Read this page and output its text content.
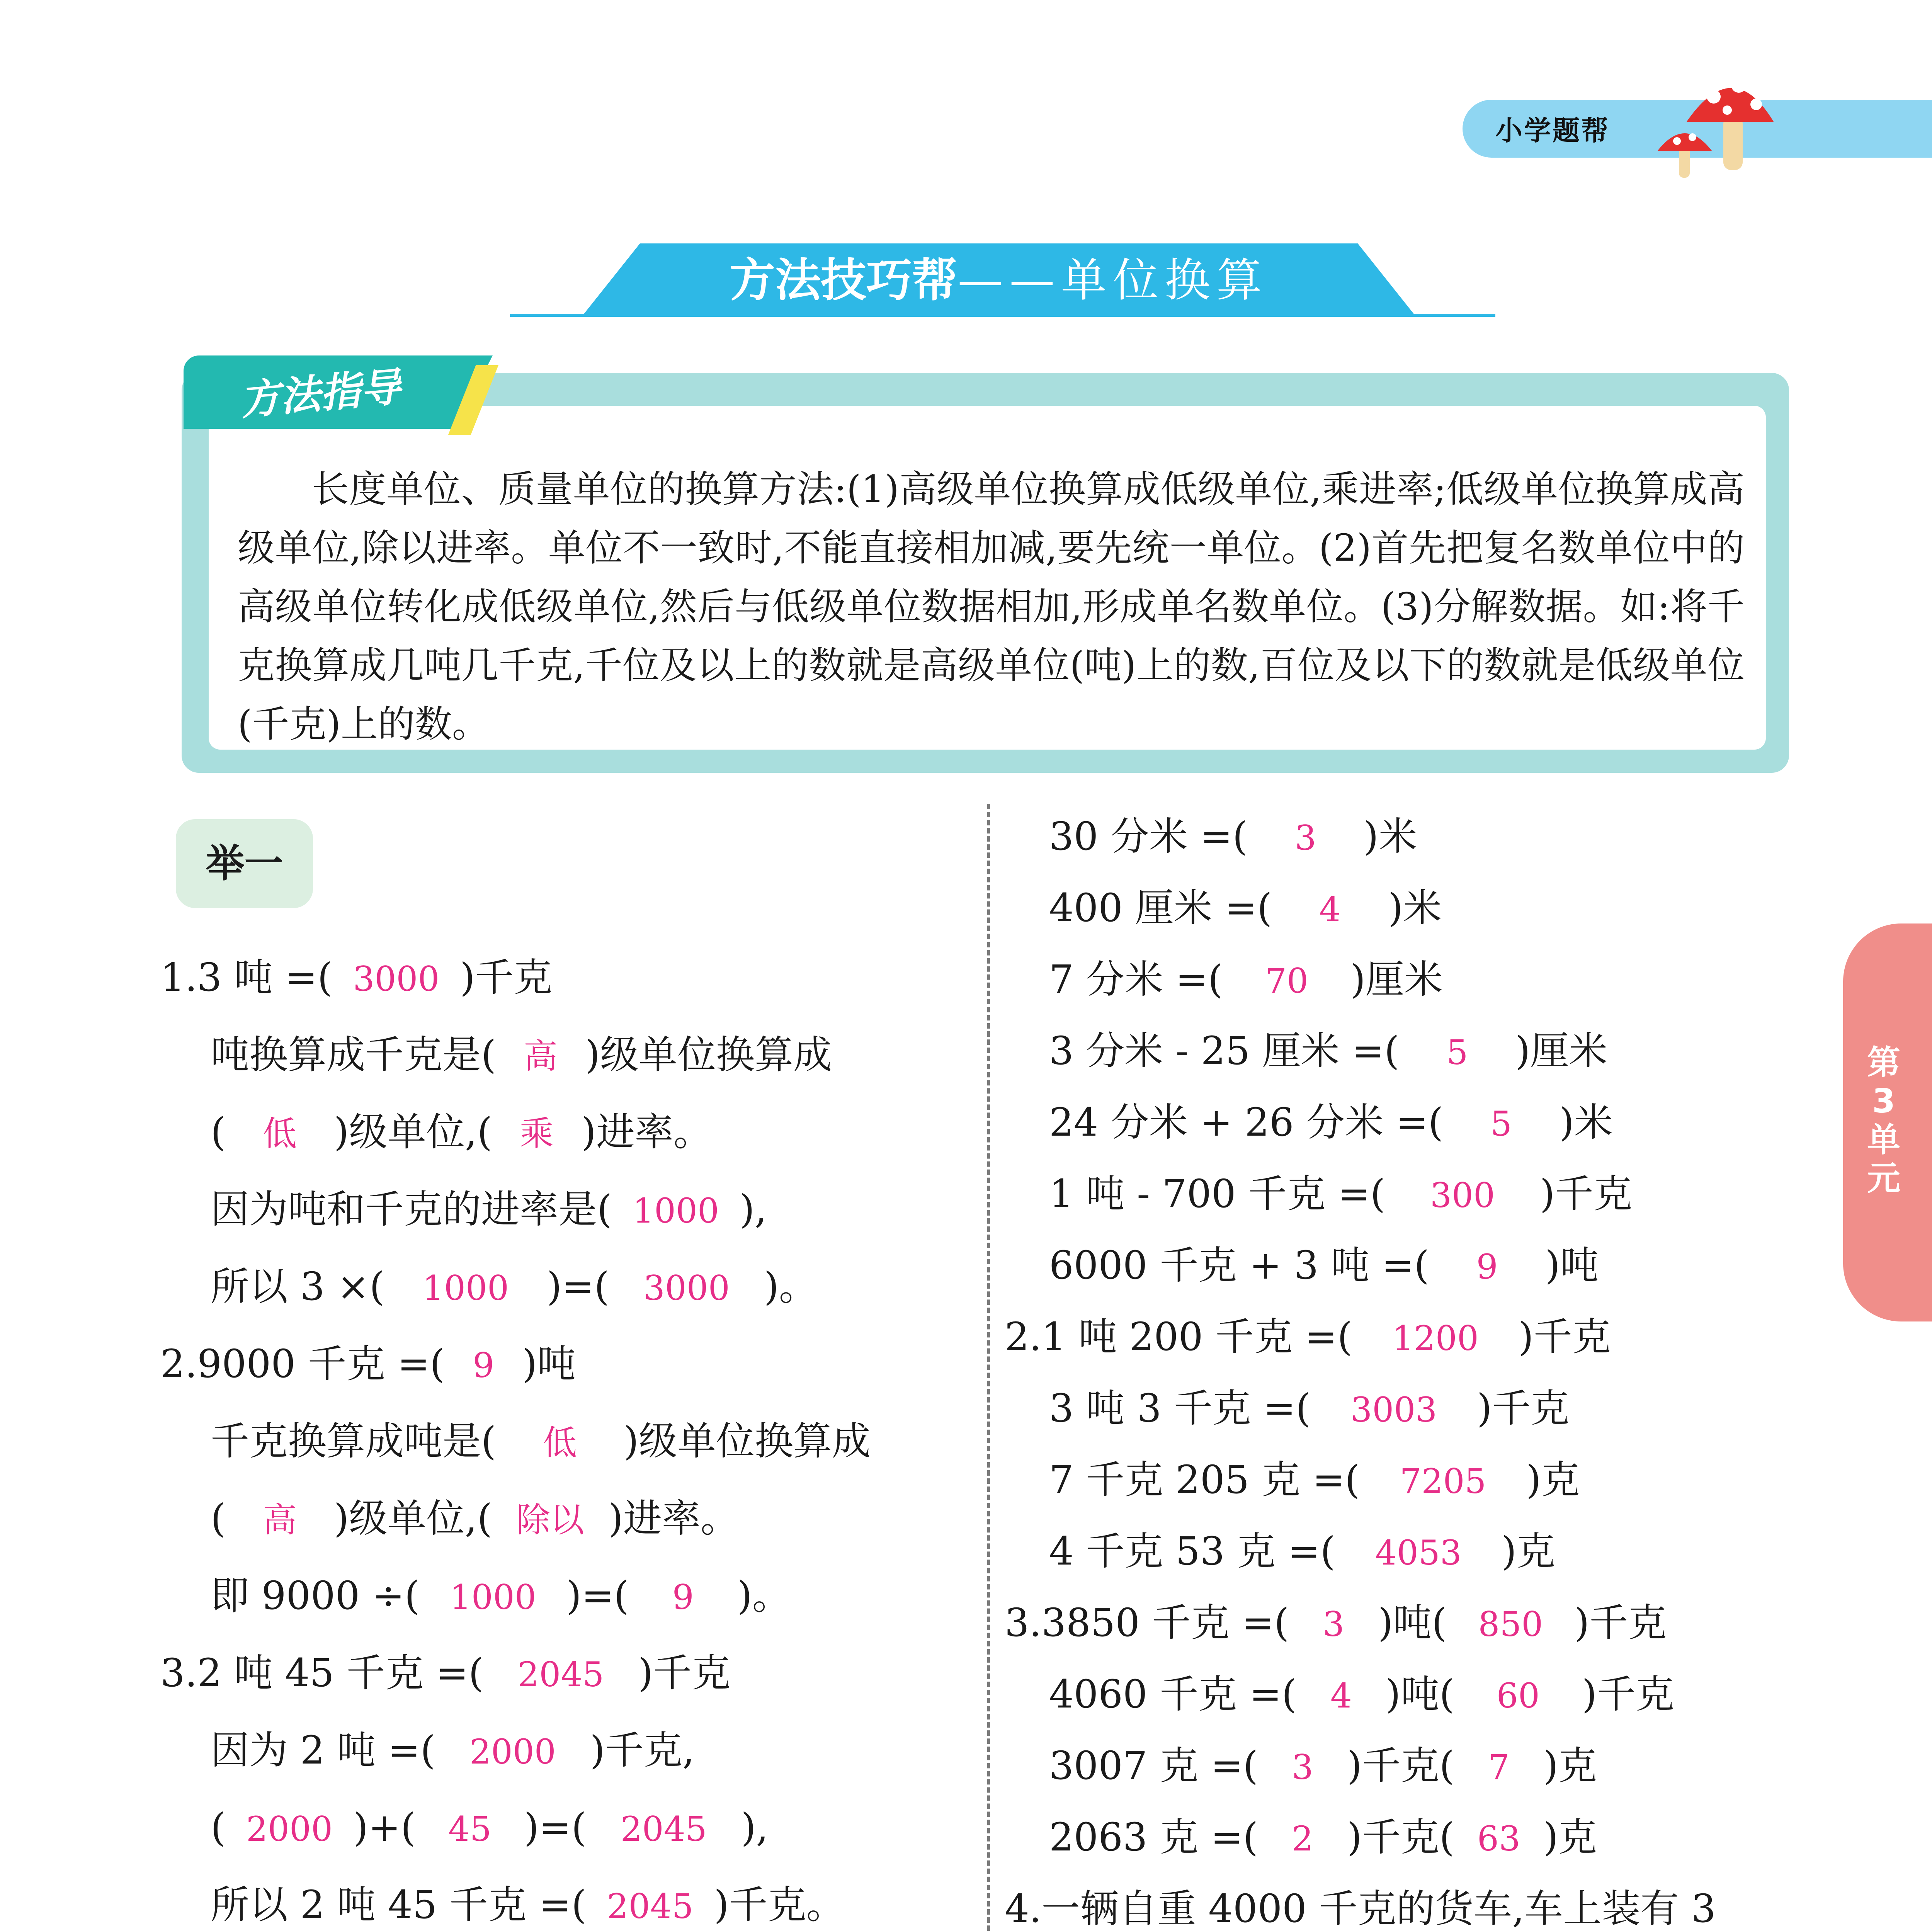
小学题帮
方法技巧帮——单位换算
方法指导
长度单位、质量单位的换算方法:(1)高级单位换算成低级单位,乘进率;低级单位换算成高级单位,除以进率。单位不一致时,不能直接相加减,要先统一单位。(2)首先把复名数单位中的高级单位转化成低级单位,然后与低级单位数据相加,形成单名数单位。(3)分解数据。如:将千克换算成几吨几千克,千位及以上的数就是高级单位(吨)上的数,百位及以下的数就是低级单位(千克)上的数。
举一
1.3 吨 =( 3000 )千克
吨换算成千克是( 高 )级单位换算成
( 低 )级单位,( 乘 )进率。
因为吨和千克的进率是( 1000 ),
所以 3 ×( 1000 )=( 3000 )。
2.9000 千克 =( 9 )吨
千克换算成吨是( 低 )级单位换算成
( 高 )级单位,( 除以 )进率。
即 9000 ÷( 1000 )=( 9 )。
3.2 吨 45 千克 =( 2045 )千克
因为 2 吨 =( 2000 )千克,
( 2000 )+( 45 )=( 2045 ),
所以 2 吨 45 千克 =( 2045 )千克。
30 分米 =( 3 )米
400 厘米 =( 4 )米
7 分米 =( 70 )厘米
3 分米 - 25 厘米 =( 5 )厘米
24 分米 + 26 分米 =( 5 )米
1 吨 - 700 千克 =( 300 )千克
6000 千克 + 3 吨 =( 9 )吨
2.1 吨 200 千克 =( 1200 )千克
3 吨 3 千克 =( 3003 )千克
7 千克 205 克 =( 7205 )克
4 千克 53 克 =( 4053 )克
3.3850 千克 =( 3 )吨( 850 )千克
4060 千克 =( 4 )吨( 60 )千克
3007 克 =( 3 )千克( 7 )克
2063 克 =( 2 )千克( 63 )克
4.一辆自重 4000 千克的货车,车上装有 3
第3单元
